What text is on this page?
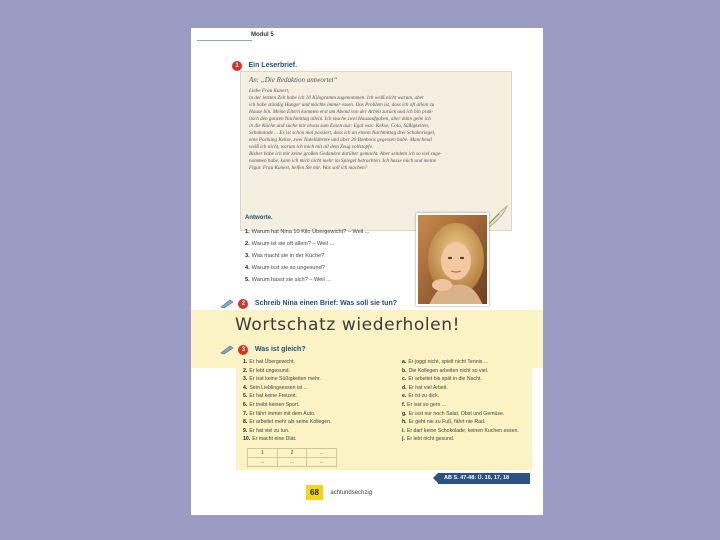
Modul 5
1 Ein Leserbrief.
An: „Die Redaktion antwortet“
Liebe Frau Kunert,
in der letzten Zeit habe ich 10 Kilogramm zugenommen. Ich weiß nicht warum, aber
ich habe ständig Hunger und möchte immer essen. Das Problem ist, dass ich oft allein zu
Hause bin. Meine Eltern kommen erst am Abend von der Arbeit zurück und ich bin prak-
tisch den ganzen Nachmittag allein. Ich mache zwei Hausaufgaben, aber dann gehe ich
in die Küche und suche mir etwas zum Essen aus: Egal was: Kekse, Cola, Süßigkeiten,
Schokolade ... Es ist schon mal passiert, dass ich an einem Nachmittag drei Schokoriegel,
eine Packung Kekse, zwei Nutellabrote und über 20 Bonbons gegessen habe. Manchmal
weiß ich nicht, warum ich mich mit all dem Zeug vollstopfe.
Bisher habe ich mir keine großen Gedanken darüber gemacht. Aber seitdem ich so viel zuge-
nommen habe, kann ich mich nicht mehr im Spiegel betrachten. Ich hasse mich und meine
Figur. Frau Kunert, helfen Sie mir. Was soll ich machen?
Antworte.
1. Warum hat Nina 10 Kilo Übergewicht? – Weil ...
2. Warum ist sie oft allein? – Weil ...
3. Was macht sie in der Küche?
4. Warum isst sie so ungesund?
5. Warum hasst sie sich? – Weil ...
2 Schreib Nina einen Brief: Was soll sie tun?
Wortschatz wiederholen!
3 Was ist gleich?
1. Er hat Übergewicht.
2. Er lebt ungesund.
3. Er isst keine Süßigkeiten mehr.
4. Sein Lieblingsessen ist ...
5. Er hat keine Freizeit.
6. Er treibt keinen Sport.
7. Er fährt immer mit dem Auto.
8. Er arbeitet mehr als seine Kollegen.
9. Er hat viel zu tun.
10. Er macht eine Diät.
a. Er joggt nicht, spielt nicht Tennis ...
b. Die Kollegen arbeiten nicht so viel.
c. Er arbeitet bis spät in die Nacht.
d. Er hat viel Arbeit.
e. Er ist zu dick.
f. Er isst so gern ...
g. Er isst nur noch Salat, Obst und Gemüse.
h. Er geht nie zu Fuß, fährt nie Rad.
i. Er darf keine Schokolade, keinen Kuchen essen.
j. Er lebt nicht gesund.
1	2	...
...	...	...
AB S. 47-48: Ü. 16, 17, 18
68 achtundsechzig
